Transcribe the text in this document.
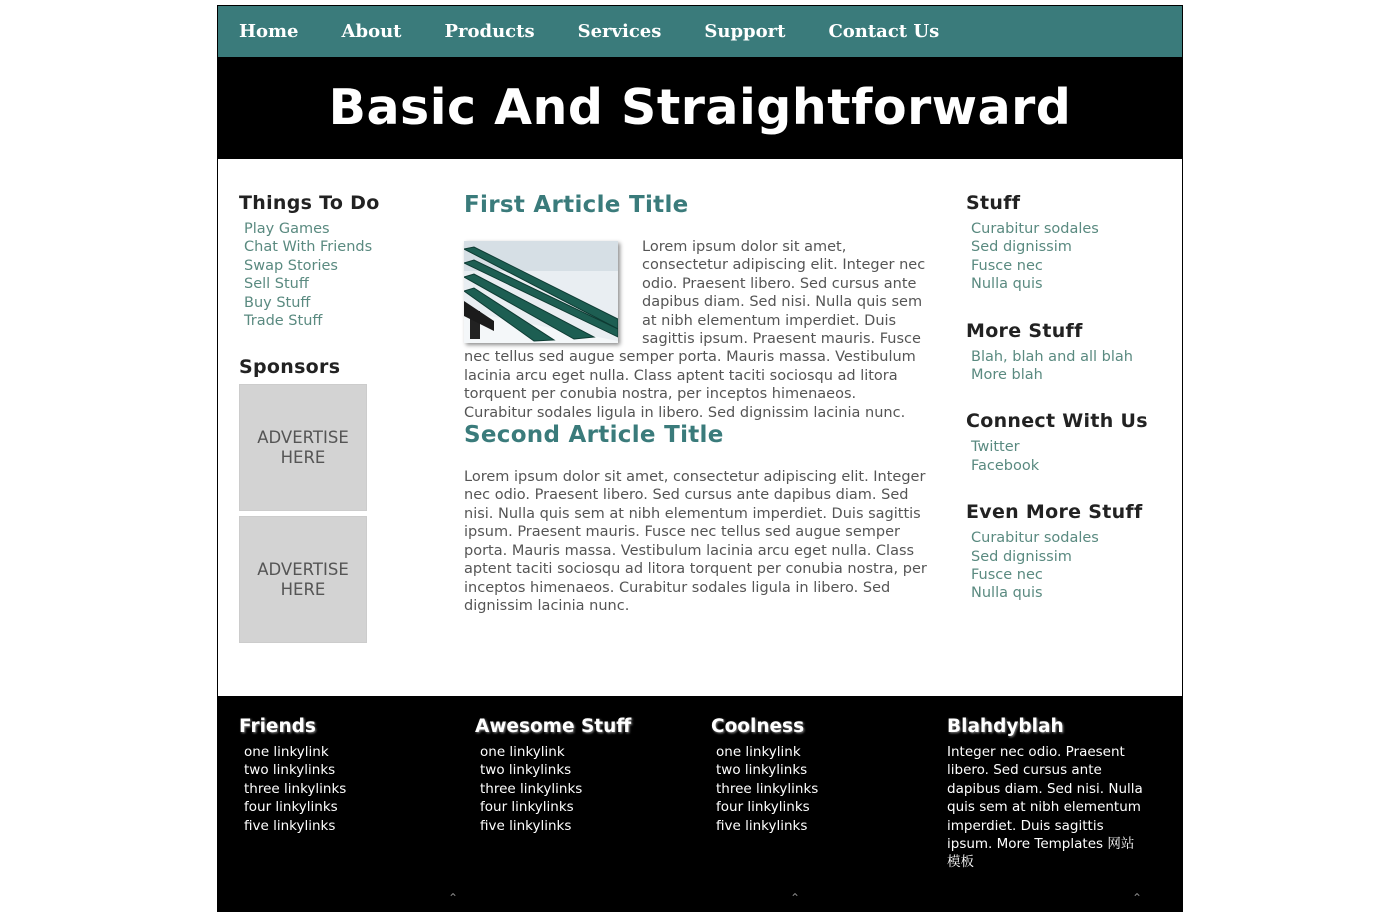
Home About Products Services Support Contact Us
Basic And Straightforward
Things To Do
Play Games
Chat With Friends
Swap Stories
Sell Stuff
Buy Stuff
Trade Stuff
Sponsors
ADVERTISE HERE
ADVERTISE HERE
First Article Title
Lorem ipsum dolor sit amet, consectetur adipiscing elit. Integer nec odio. Praesent libero. Sed cursus ante dapibus diam. Sed nisi. Nulla quis sem at nibh elementum imperdiet. Duis sagittis ipsum. Praesent mauris. Fusce nec tellus sed augue semper porta. Mauris massa. Vestibulum lacinia arcu eget nulla. Class aptent taciti sociosqu ad litora torquent per conubia nostra, per inceptos himenaeos. Curabitur sodales ligula in libero. Sed dignissim lacinia nunc.
Second Article Title
Lorem ipsum dolor sit amet, consectetur adipiscing elit. Integer nec odio. Praesent libero. Sed cursus ante dapibus diam. Sed nisi. Nulla quis sem at nibh elementum imperdiet. Duis sagittis ipsum. Praesent mauris. Fusce nec tellus sed augue semper porta. Mauris massa. Vestibulum lacinia arcu eget nulla. Class aptent taciti sociosqu ad litora torquent per conubia nostra, per inceptos himenaeos. Curabitur sodales ligula in libero. Sed dignissim lacinia nunc.
Stuff
Curabitur sodales
Sed dignissim
Fusce nec
Nulla quis
More Stuff
Blah, blah and all blah
More blah
Connect With Us
Twitter
Facebook
Even More Stuff
Curabitur sodales
Sed dignissim
Fusce nec
Nulla quis
Friends
one linkylink
two linkylinks
three linkylinks
four linkylinks
five linkylinks
Awesome Stuff
one linkylink
two linkylinks
three linkylinks
four linkylinks
five linkylinks
Coolness
one linkylink
two linkylinks
three linkylinks
four linkylinks
five linkylinks
Blahdyblah

Integer nec odio. Praesent libero. Sed cursus ante dapibus diam. Sed nisi. Nulla quis sem at nibh elementum imperdiet. Duis sagittis ipsum. More Templates 网站模板

⌃	⌃	⌃
